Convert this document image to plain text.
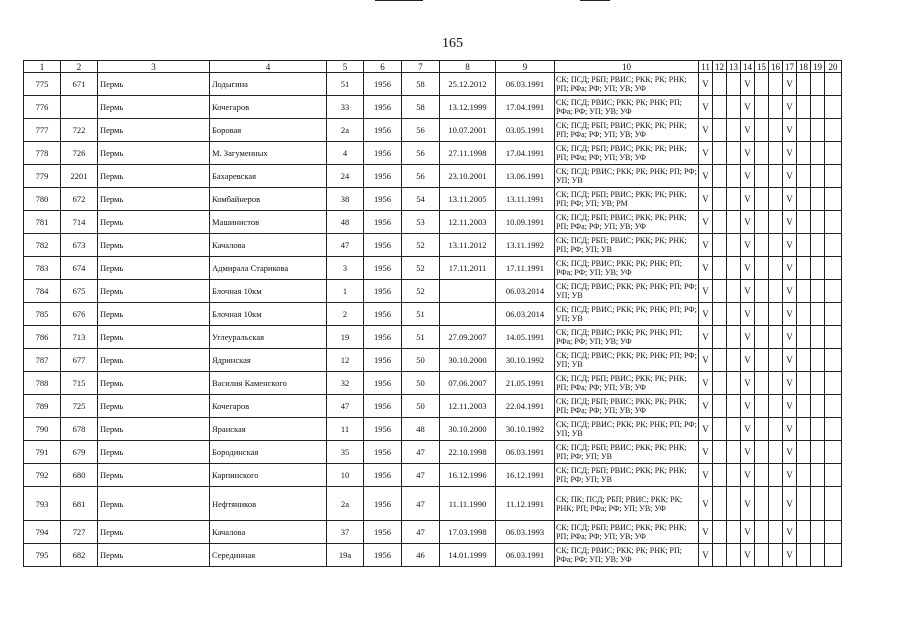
165
1	2	3	4	5	6	7	8	9	10	11	12	13	14	15	16	17	18	19	20
775	671	Пермь	Лодыгина	51	1956	58	25.12.2012	06.03.1991	СК; ПСД; РБП; РВИС; РКК; РК; РНК; РП; РФа; РФ; УП; УВ; УФ	V			V			V			
776		Пермь	Кочегаров	33	1956	58	13.12.1999	17.04.1991	СК; ПСД; РВИС; РКК; РК; РНК; РП; РФа; РФ; УП; УВ; УФ	V			V			V			
777	722	Пермь	Боровая	2а	1956	56	10.07.2001	03.05.1991	СК; ПСД; РБП; РВИС; РКК; РК; РНК; РП; РФа; РФ; УП; УВ; УФ	V			V			V			
778	726	Пермь	М. Загуменных	4	1956	56	27.11.1998	17.04.1991	СК; ПСД; РБП; РВИС; РКК; РК; РНК; РП; РФа; РФ; УП; УВ; УФ	V			V			V			
779	2201	Пермь	Бахаревская	24	1956	56	23.10.2001	13.06.1991	СК; ПСД; РВИС; РКК; РК; РНК; РП; РФ; УП; УВ	V			V			V			
780	672	Пермь	Комбайнеров	38	1956	54	13.11.2005	13.11.1991	СК; ПСД; РБП; РВИС; РКК; РК; РНК; РП; РФ; УП; УВ; РМ	V			V			V			
781	714	Пермь	Машинистов	48	1956	53	12.11.2003	10.09.1991	СК; ПСД; РБП; РВИС; РКК; РК; РНК; РП; РФа; РФ; УП; УВ; УФ	V			V			V			
782	673	Пермь	Качалова	47	1956	52	13.11.2012	13.11.1992	СК; ПСД; РБП; РВИС; РКК; РК; РНК; РП; РФ; УП; УВ	V			V			V			
783	674	Пермь	Адмирала Старикова	3	1956	52	17.11.2011	17.11.1991	СК; ПСД; РВИС; РКК; РК; РНК; РП; РФа; РФ; УП; УВ; УФ	V			V			V			
784	675	Пермь	Блочная 10км	1	1956	52		06.03.2014	СК; ПСД; РВИС; РКК; РК; РНК; РП; РФ; УП; УВ	V			V			V			
785	676	Пермь	Блочная 10км	2	1956	51		06.03.2014	СК; ПСД; РВИС; РКК; РК; РНК; РП; РФ; УП; УВ	V			V			V			
786	713	Пермь	Углеуральская	19	1956	51	27.09.2007	14.05.1991	СК; ПСД; РВИС; РКК; РК; РНК; РП; РФа; РФ; УП; УВ; УФ	V			V			V			
787	677	Пермь	Ядринская	12	1956	50	30.10.2000	30.10.1992	СК; ПСД; РВИС; РКК; РК; РНК; РП; РФ; УП; УВ	V			V			V			
788	715	Пермь	Василия Каменского	32	1956	50	07.06.2007	21.05.1991	СК; ПСД; РБП; РВИС; РКК; РК; РНК; РП; РФа; РФ; УП; УВ; УФ	V			V			V			
789	725	Пермь	Кочегаров	47	1956	50	12.11.2003	22.04.1991	СК; ПСД; РБП; РВИС; РКК; РК; РНК; РП; РФа; РФ; УП; УВ; УФ	V			V			V			
790	678	Пермь	Яранская	11	1956	48	30.10.2000	30.10.1992	СК; ПСД; РВИС; РКК; РК; РНК; РП; РФ; УП; УВ	V			V			V			
791	679	Пермь	Бородинская	35	1956	47	22.10.1998	06.03.1991	СК; ПСД; РБП; РВИС; РКК; РК; РНК; РП; РФ; УП; УВ	V			V			V			
792	680	Пермь	Карпинского	10	1956	47	16.12.1996	16.12.1991	СК; ПСД; РБП; РВИС; РКК; РК; РНК; РП; РФ; УП; УВ	V			V			V			
793	681	Пермь	Нефтяников	2а	1956	47	11.11.1990	11.12.1991	СК; ПК; ПСД; РБП; РВИС; РКК; РК; РНК; РП; РФа; РФ; УП; УВ; УФ	V			V			V			
794	727	Пермь	Качалова	37	1956	47	17.03.1998	06.03.1993	СК; ПСД; РБП; РВИС; РКК; РК; РНК; РП; РФа; РФ; УП; УВ; УФ	V			V			V			
795	682	Пермь	Серединная	19а	1956	46	14.01.1999	06.03.1991	СК; ПСД; РВИС; РКК; РК; РНК; РП; РФа; РФ; УП; УВ; УФ	V			V			V			
